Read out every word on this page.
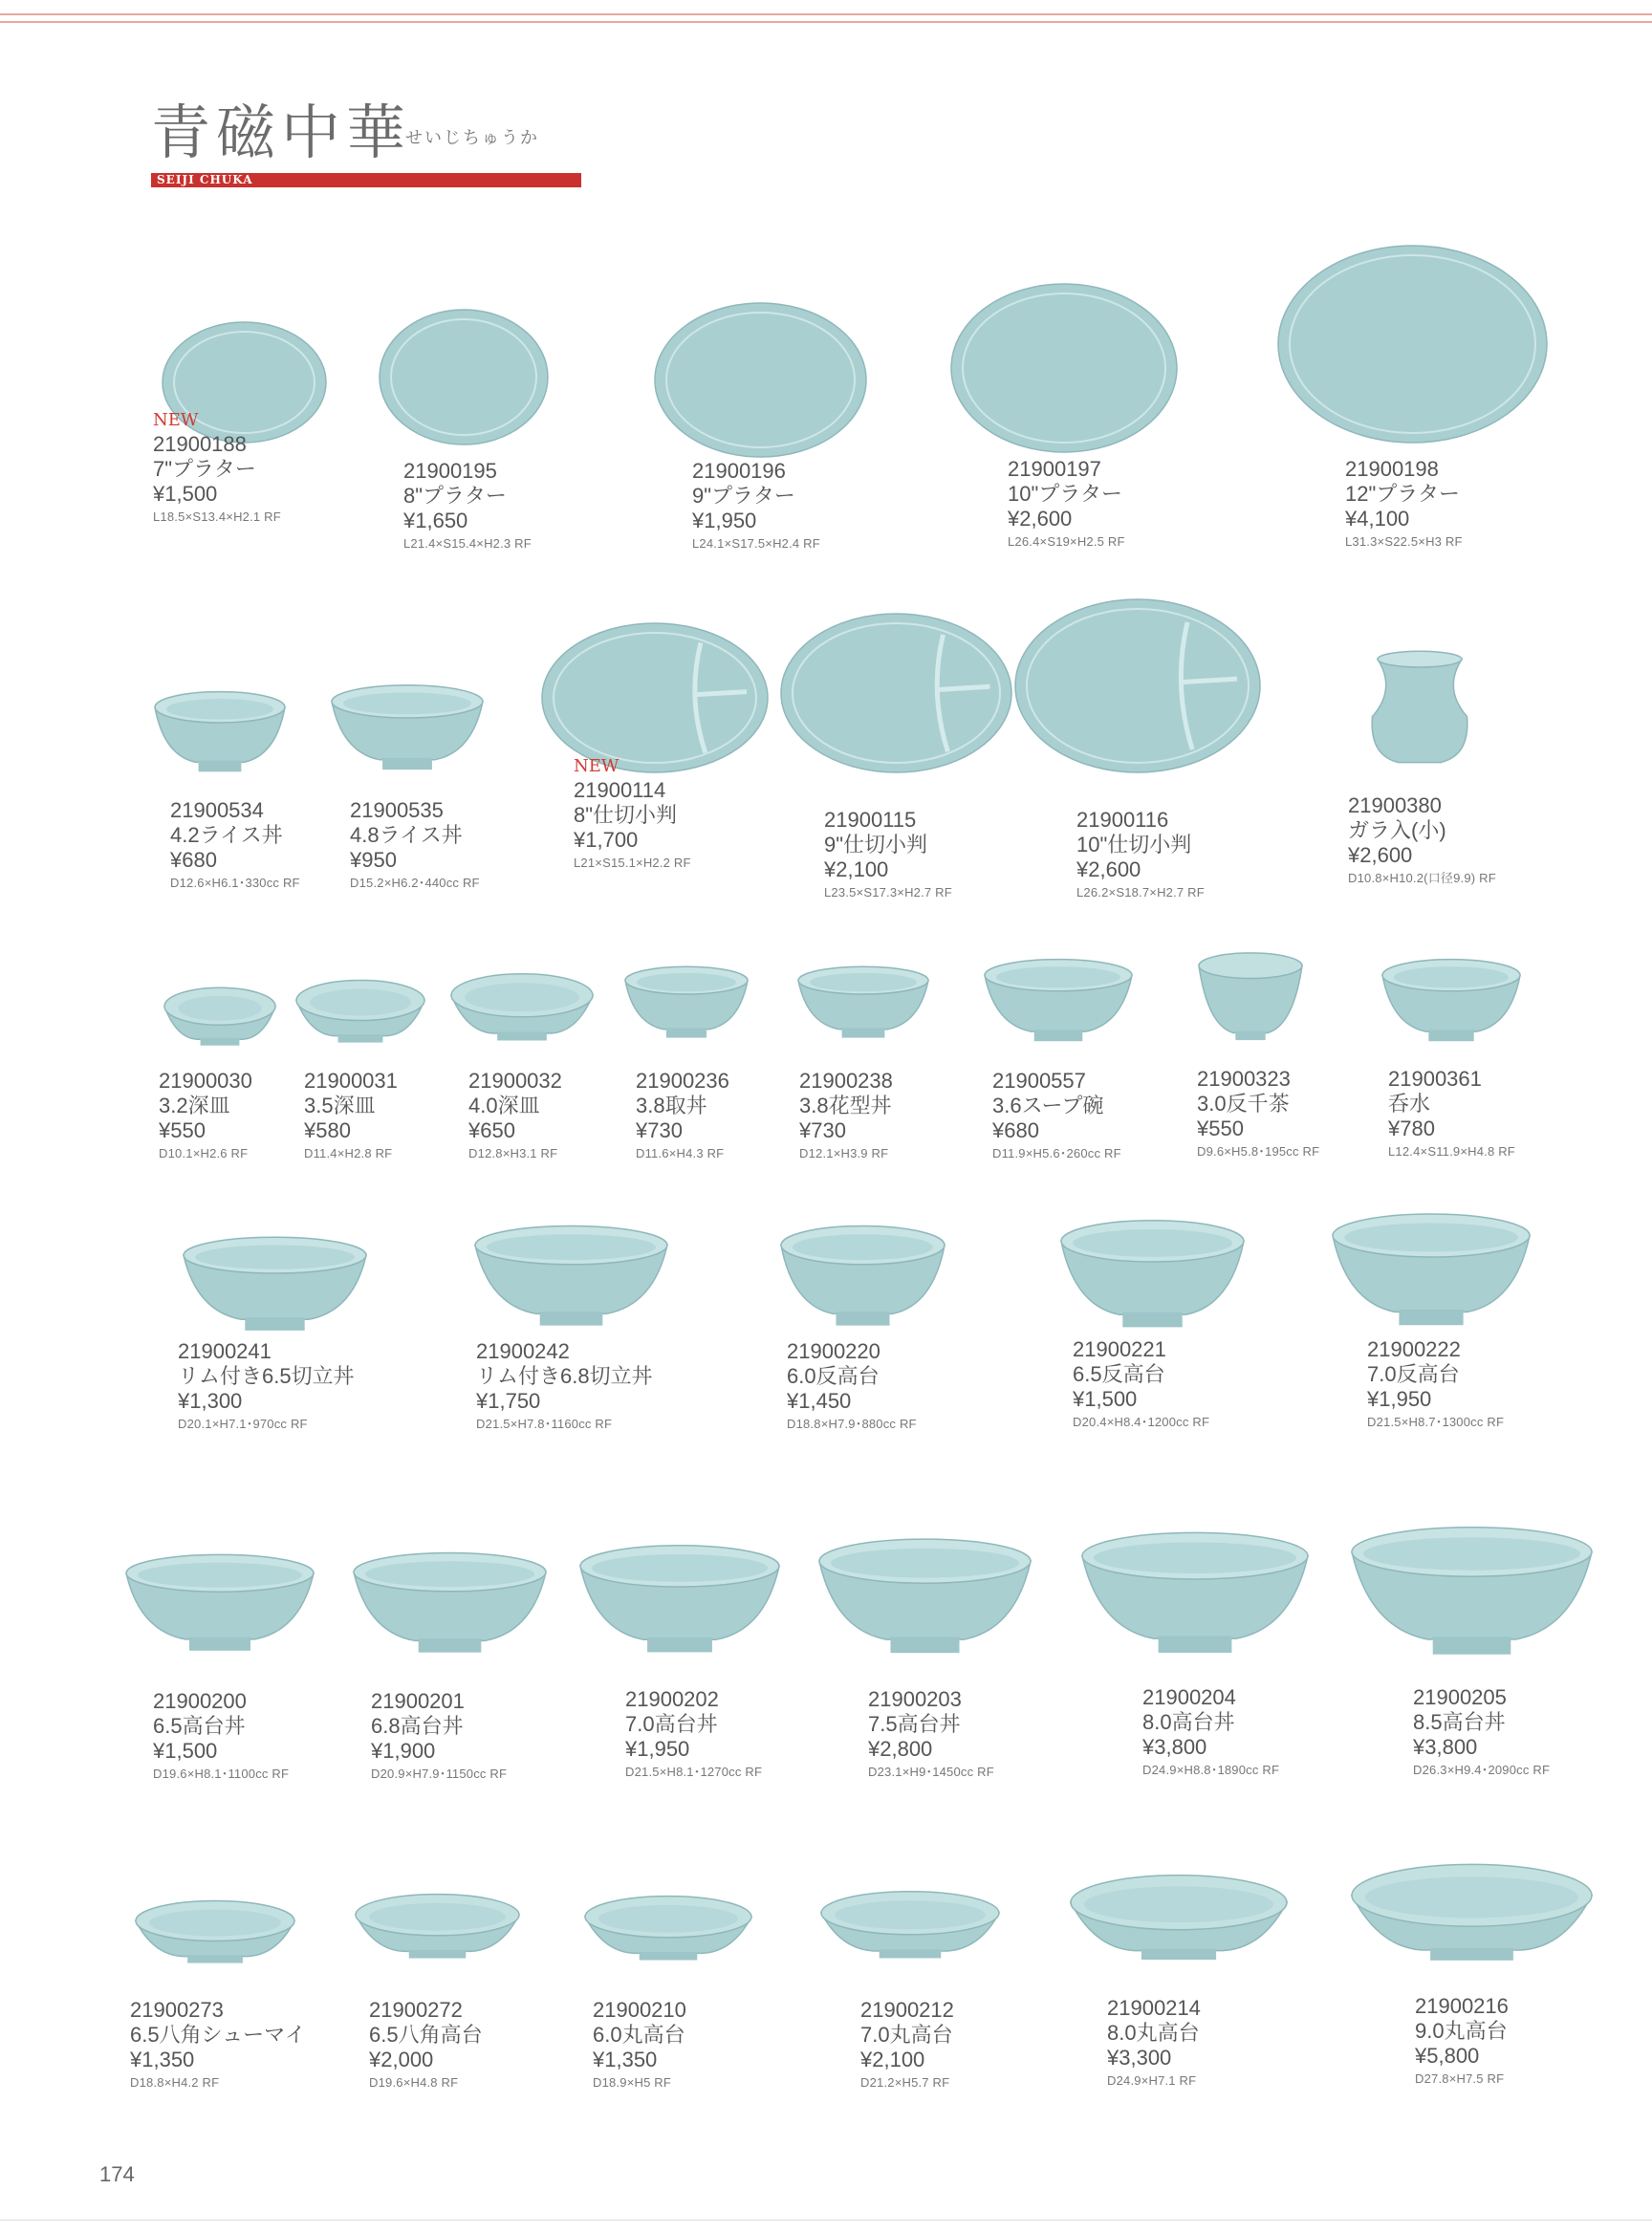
青磁中華
せいじちゅうか
SEIJI CHUKA
NEW
21900188
7"プラター
¥1,500
L18.5×S13.4×H2.1 RF
21900195
8"プラター
¥1,650
L21.4×S15.4×H2.3 RF
21900196
9"プラター
¥1,950
L24.1×S17.5×H2.4 RF
21900197
10"プラター
¥2,600
L26.4×S19×H2.5 RF
21900198
12"プラター
¥4,100
L31.3×S22.5×H3 RF
21900534
4.2ライス丼
¥680
D12.6×H6.1･330cc RF
21900535
4.8ライス丼
¥950
D15.2×H6.2･440cc RF
NEW
21900114
8"仕切小判
¥1,700
L21×S15.1×H2.2 RF
21900115
9"仕切小判
¥2,100
L23.5×S17.3×H2.7 RF
21900116
10"仕切小判
¥2,600
L26.2×S18.7×H2.7 RF
21900380
ガラ入(小)
¥2,600
D10.8×H10.2(口径9.9) RF
21900030
3.2深皿
¥550
D10.1×H2.6 RF
21900031
3.5深皿
¥580
D11.4×H2.8 RF
21900032
4.0深皿
¥650
D12.8×H3.1 RF
21900236
3.8取丼
¥730
D11.6×H4.3 RF
21900238
3.8花型丼
¥730
D12.1×H3.9 RF
21900557
3.6スープ碗
¥680
D11.9×H5.6･260cc RF
21900323
3.0反千茶
¥550
D9.6×H5.8･195cc RF
21900361
呑水
¥780
L12.4×S11.9×H4.8 RF
21900241
リム付き6.5切立丼
¥1,300
D20.1×H7.1･970cc RF
21900242
リム付き6.8切立丼
¥1,750
D21.5×H7.8･1160cc RF
21900220
6.0反高台
¥1,450
D18.8×H7.9･880cc RF
21900221
6.5反高台
¥1,500
D20.4×H8.4･1200cc RF
21900222
7.0反高台
¥1,950
D21.5×H8.7･1300cc RF
21900200
6.5高台丼
¥1,500
D19.6×H8.1･1100cc RF
21900201
6.8高台丼
¥1,900
D20.9×H7.9･1150cc RF
21900202
7.0高台丼
¥1,950
D21.5×H8.1･1270cc RF
21900203
7.5高台丼
¥2,800
D23.1×H9･1450cc RF
21900204
8.0高台丼
¥3,800
D24.9×H8.8･1890cc RF
21900205
8.5高台丼
¥3,800
D26.3×H9.4･2090cc RF
21900273
6.5八角シューマイ
¥1,350
D18.8×H4.2 RF
21900272
6.5八角高台
¥2,000
D19.6×H4.8 RF
21900210
6.0丸高台
¥1,350
D18.9×H5 RF
21900212
7.0丸高台
¥2,100
D21.2×H5.7 RF
21900214
8.0丸高台
¥3,300
D24.9×H7.1 RF
21900216
9.0丸高台
¥5,800
D27.8×H7.5 RF
174
